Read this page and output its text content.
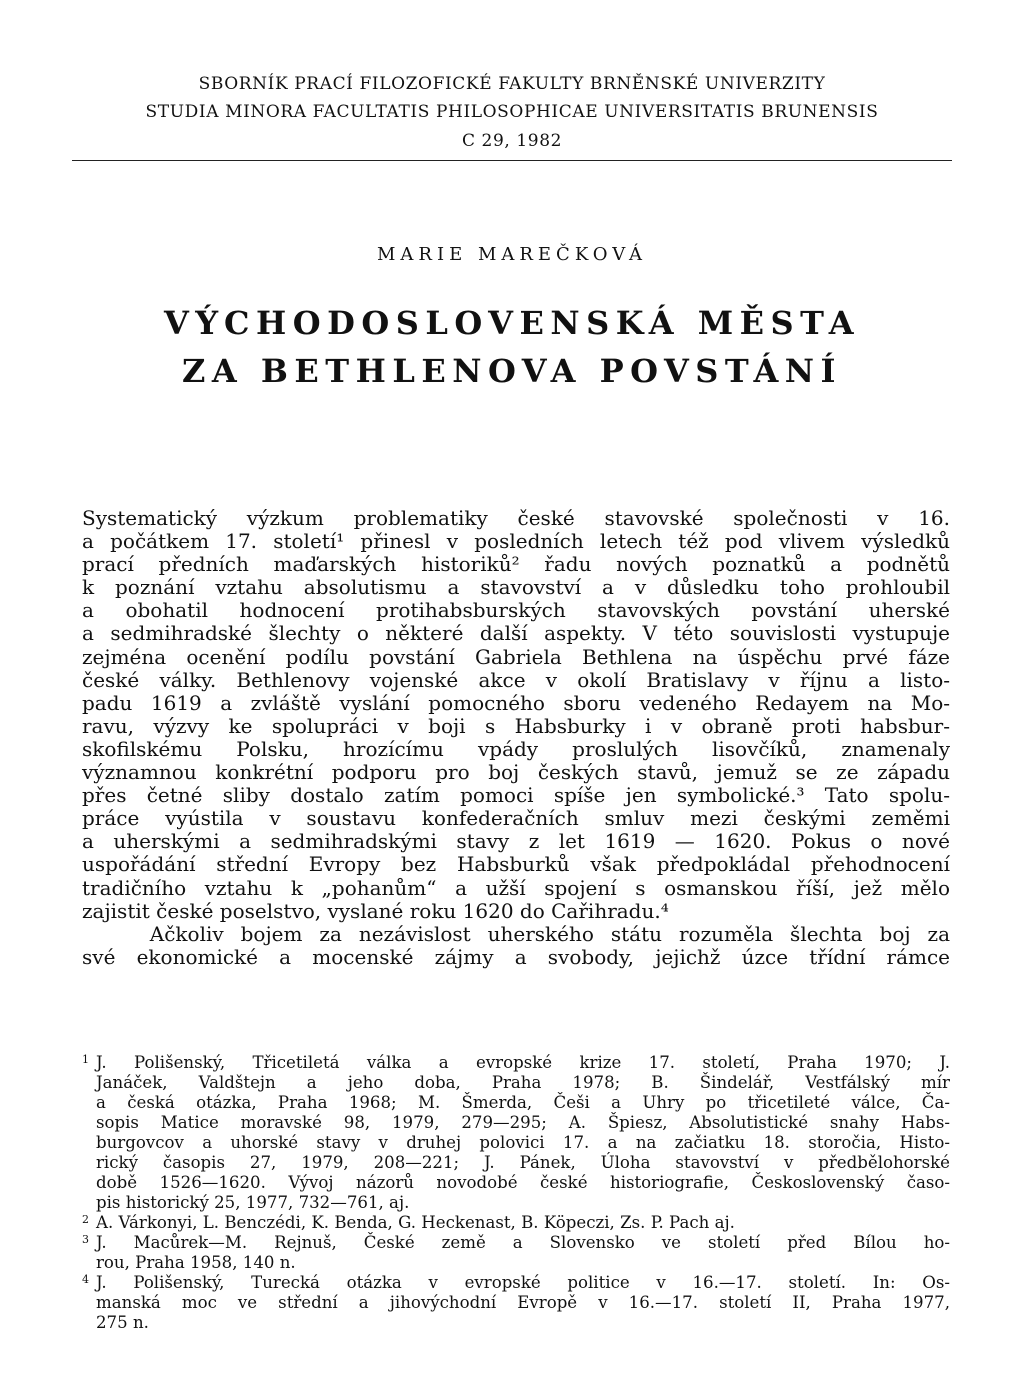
SBORNÍK PRACÍ FILOZOFICKÉ FAKULTY BRNĚNSKÉ UNIVERZITY
STUDIA MINORA FACULTATIS PHILOSOPHICAE UNIVERSITATIS BRUNENSIS
C 29, 1982
MARIE MAREČKOVÁ
VÝCHODOSLOVENSKÁ MĚSTA
ZA BETHLENOVA POVSTÁNÍ
Systematický výzkum problematiky české stavovské společnosti v 16.
a počátkem 17. století¹ přinesl v posledních letech též pod vlivem výsledků
prací předních maďarských historiků² řadu nových poznatků a podnětů
k poznání vztahu absolutismu a stavovství a v důsledku toho prohloubil
a obohatil hodnocení protihabsburských stavovských povstání uherské
a sedmihradské šlechty o některé další aspekty. V této souvislosti vystupuje
zejména ocenění podílu povstání Gabriela Bethlena na úspěchu prvé fáze
české války. Bethlenovy vojenské akce v okolí Bratislavy v říjnu a listo-
padu 1619 a zvláště vyslání pomocného sboru vedeného Redayem na Mo-
ravu, výzvy ke spolupráci v boji s Habsburky i v obraně proti habsbur-
skofilskému Polsku, hrozícímu vpády proslulých lisovčíků, znamenaly
významnou konkrétní podporu pro boj českých stavů, jemuž se ze západu
přes četné sliby dostalo zatím pomoci spíše jen symbolické.³ Tato spolu-
práce vyústila v soustavu konfederačních smluv mezi českými zeměmi
a uherskými a sedmihradskými stavy z let 1619 — 1620. Pokus o nové
uspořádání střední Evropy bez Habsburků však předpokládal přehodnocení
tradičního vztahu k „pohanům“ a užší spojení s osmanskou říší, jež mělo
zajistit české poselstvo, vyslané roku 1620 do Cařihradu.⁴
Ačkoliv bojem za nezávislost uherského státu rozuměla šlechta boj za
své ekonomické a mocenské zájmy a svobody, jejichž úzce třídní rámce
1 J. Polišenský, Třicetiletá válka a evropské krize 17. století, Praha 1970; J.
Janáček, Valdštejn a jeho doba, Praha 1978; B. Šindelář, Vestfálský mír
a česká otázka, Praha 1968; M. Šmerda, Češi a Uhry po třicetileté válce, Ča-
sopis Matice moravské 98, 1979, 279—295; A. Špiesz, Absolutistické snahy Habs-
burgovcov a uhorské stavy v druhej polovici 17. a na začiatku 18. storočia, Histo-
rický časopis 27, 1979, 208—221; J. Pánek, Úloha stavovství v předbělohorské
době 1526—1620. Vývoj názorů novodobé české historiografie, Československý časo-
pis historický 25, 1977, 732—761, aj.
2 A. Várkonyi, L. Benczédi, K. Benda, G. Heckenast, B. Köpeczi, Zs. P. Pach aj.
3 J. Macůrek—M. Rejnuš, České země a Slovensko ve století před Bílou ho-
rou, Praha 1958, 140 n.
4 J. Polišenský, Turecká otázka v evropské politice v 16.—17. století. In: Os-
manská moc ve střední a jihovýchodní Evropě v 16.—17. století II, Praha 1977,
275 n.
